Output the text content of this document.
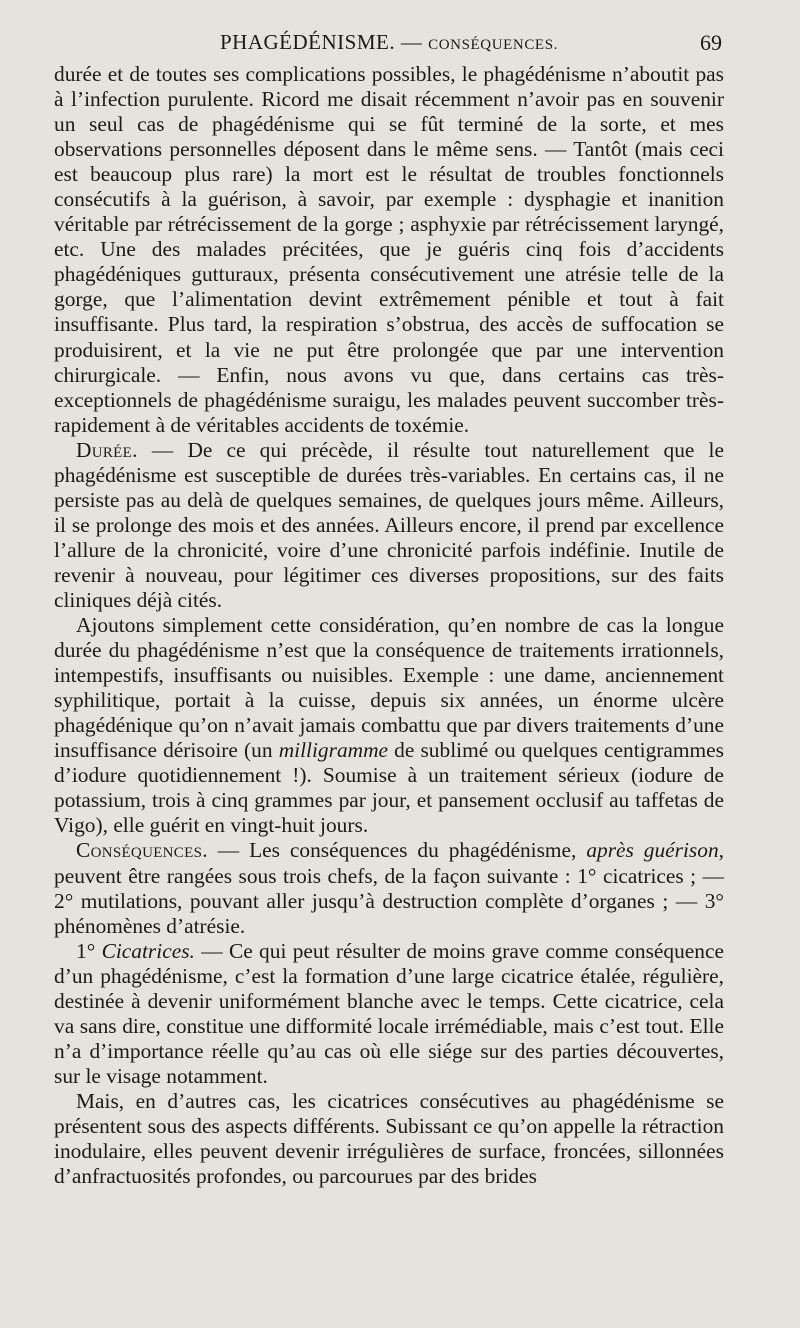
PHAGÉDÉNISME. — CONSÉQUENCES.	69

durée et de toutes ses complications possibles, le phagédénisme n’aboutit pas à l’infection purulente. Ricord me disait récemment n’avoir pas en souvenir un seul cas de phagédénisme qui se fût terminé de la sorte, et mes observations personnelles déposent dans le même sens. — Tantôt (mais ceci est beaucoup plus rare) la mort est le résultat de troubles fonctionnels consécutifs à la guérison, à savoir, par exemple : dysphagie et inanition véritable par rétrécissement de la gorge ; asphyxie par rétrécissement laryngé, etc. Une des malades précitées, que je guéris cinq fois d’accidents phagédéniques gutturaux, présenta consécutivement une atrésie telle de la gorge, que l’alimentation devint extrêmement pénible et tout à fait insuffisante. Plus tard, la respiration s’obstrua, des accès de suffocation se produisirent, et la vie ne put être prolongée que par une intervention chirurgicale. — Enfin, nous avons vu que, dans certains cas très-exceptionnels de phagédénisme suraigu, les malades peuvent succomber très-rapidement à de véritables accidents de toxémie.

Durée. — De ce qui précède, il résulte tout naturellement que le phagédénisme est susceptible de durées très-variables. En certains cas, il ne persiste pas au delà de quelques semaines, de quelques jours même. Ailleurs, il se prolonge des mois et des années. Ailleurs encore, il prend par excellence l’allure de la chronicité, voire d’une chronicité parfois indéfinie. Inutile de revenir à nouveau, pour légitimer ces diverses propositions, sur des faits cliniques déjà cités.

Ajoutons simplement cette considération, qu’en nombre de cas la longue durée du phagédénisme n’est que la conséquence de traitements irrationnels, intempestifs, insuffisants ou nuisibles. Exemple : une dame, anciennement syphilitique, portait à la cuisse, depuis six années, un énorme ulcère phagédénique qu’on n’avait jamais combattu que par divers traitements d’une insuffisance dérisoire (un milligramme de sublimé ou quelques centigrammes d’iodure quotidiennement !). Soumise à un traitement sérieux (iodure de potassium, trois à cinq grammes par jour, et pansement occlusif au taffetas de Vigo), elle guérit en vingt-huit jours.

Conséquences. — Les conséquences du phagédénisme, après guérison, peuvent être rangées sous trois chefs, de la façon suivante : 1° cicatrices ; — 2° mutilations, pouvant aller jusqu’à destruction complète d’organes ; — 3° phénomènes d’atrésie.

1° Cicatrices. — Ce qui peut résulter de moins grave comme conséquence d’un phagédénisme, c’est la formation d’une large cicatrice étalée, régulière, destinée à devenir uniformément blanche avec le temps. Cette cicatrice, cela va sans dire, constitue une difformité locale irrémédiable, mais c’est tout. Elle n’a d’importance réelle qu’au cas où elle siége sur des parties découvertes, sur le visage notamment.

Mais, en d’autres cas, les cicatrices consécutives au phagédénisme se présentent sous des aspects différents. Subissant ce qu’on appelle la rétraction inodulaire, elles peuvent devenir irrégulières de surface, froncées, sillonnées d’anfractuosités profondes, ou parcourues par des brides
